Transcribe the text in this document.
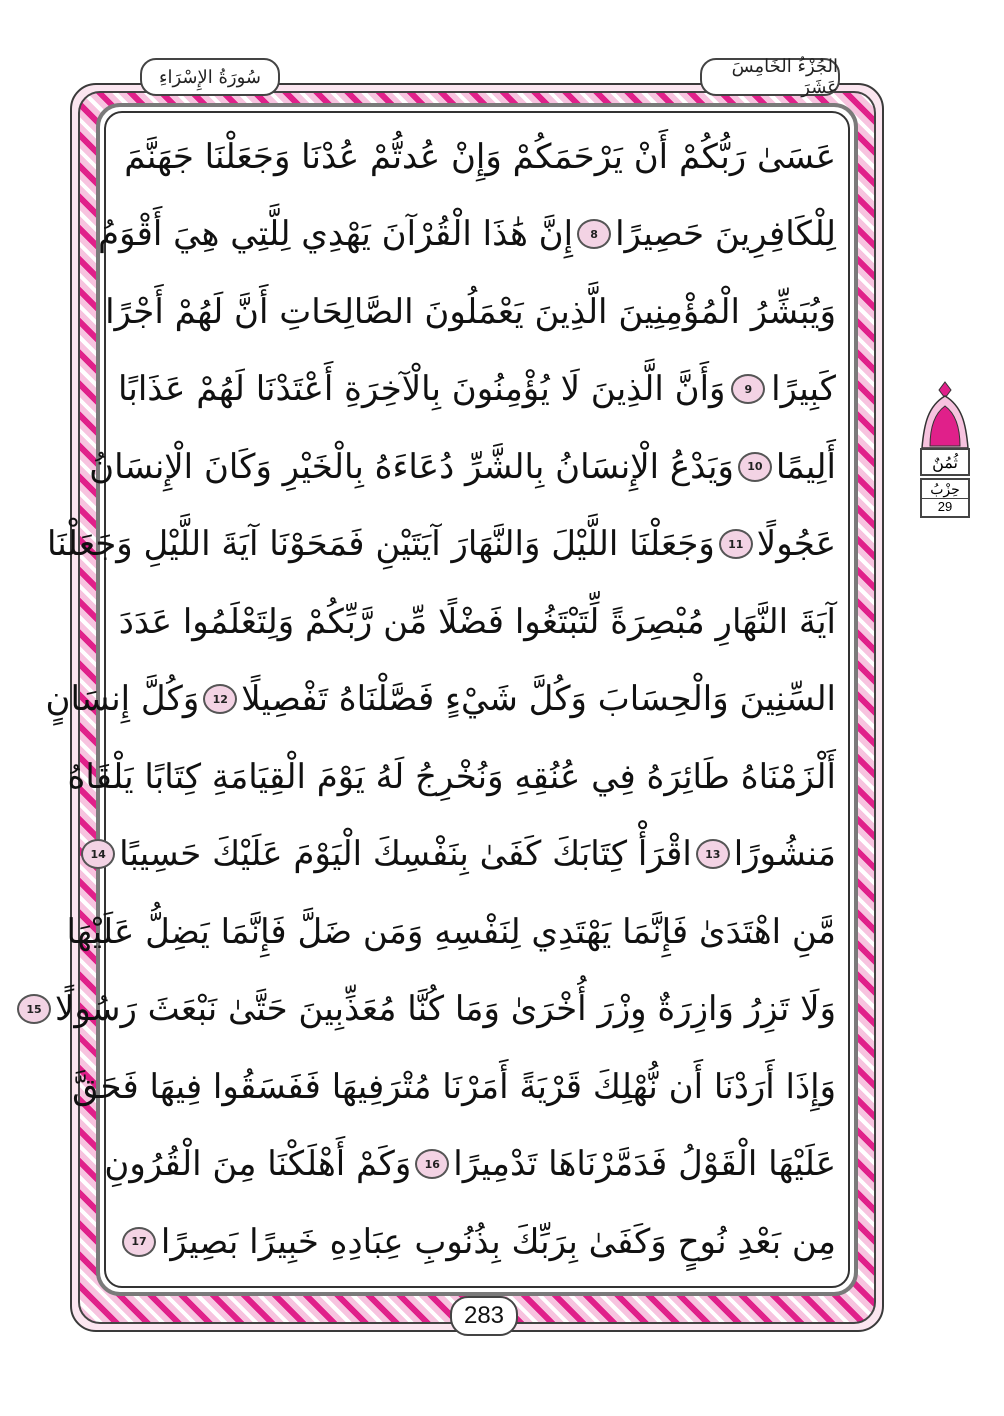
الجُزْءُ الخَامِسَ عَشَرَ
سُورَةُ الإِسْرَاءِ
عَسَىٰ رَبُّكُمْ أَنْ يَرْحَمَكُمْ وَإِنْ عُدتُّمْ عُدْنَا وَجَعَلْنَا جَهَنَّمَ
لِلْكَافِرِينَ حَصِيرًا
8
إِنَّ هَٰذَا الْقُرْآنَ يَهْدِي لِلَّتِي هِيَ أَقْوَمُ
وَيُبَشِّرُ الْمُؤْمِنِينَ الَّذِينَ يَعْمَلُونَ الصَّالِحَاتِ أَنَّ لَهُمْ أَجْرًا
كَبِيرًا
9
وَأَنَّ الَّذِينَ لَا يُؤْمِنُونَ بِالْآخِرَةِ أَعْتَدْنَا لَهُمْ عَذَابًا
أَلِيمًا
10
وَيَدْعُ الْإِنسَانُ بِالشَّرِّ دُعَاءَهُ بِالْخَيْرِ وَكَانَ الْإِنسَانُ
عَجُولًا
11
وَجَعَلْنَا اللَّيْلَ وَالنَّهَارَ آيَتَيْنِ فَمَحَوْنَا آيَةَ اللَّيْلِ وَجَعَلْنَا
آيَةَ النَّهَارِ مُبْصِرَةً لِّتَبْتَغُوا فَضْلًا مِّن رَّبِّكُمْ وَلِتَعْلَمُوا عَدَدَ
السِّنِينَ وَالْحِسَابَ وَكُلَّ شَيْءٍ فَصَّلْنَاهُ تَفْصِيلًا
12
وَكُلَّ إِنسَانٍ
أَلْزَمْنَاهُ طَائِرَهُ فِي عُنُقِهِ وَنُخْرِجُ لَهُ يَوْمَ الْقِيَامَةِ كِتَابًا يَلْقَاهُ
مَنشُورًا
13
اقْرَأْ كِتَابَكَ كَفَىٰ بِنَفْسِكَ الْيَوْمَ عَلَيْكَ حَسِيبًا
14
مَّنِ اهْتَدَىٰ فَإِنَّمَا يَهْتَدِي لِنَفْسِهِ وَمَن ضَلَّ فَإِنَّمَا يَضِلُّ عَلَيْهَا
وَلَا تَزِرُ وَازِرَةٌ وِزْرَ أُخْرَىٰ وَمَا كُنَّا مُعَذِّبِينَ حَتَّىٰ نَبْعَثَ رَسُولًا
15
وَإِذَا أَرَدْنَا أَن نُّهْلِكَ قَرْيَةً أَمَرْنَا مُتْرَفِيهَا فَفَسَقُوا فِيهَا فَحَقَّ
عَلَيْهَا الْقَوْلُ فَدَمَّرْنَاهَا تَدْمِيرًا
16
وَكَمْ أَهْلَكْنَا مِنَ الْقُرُونِ
مِن بَعْدِ نُوحٍ وَكَفَىٰ بِرَبِّكَ بِذُنُوبِ عِبَادِهِ خَبِيرًا بَصِيرًا
17
ثُمُنٌ
حِزْبُ
29
283
